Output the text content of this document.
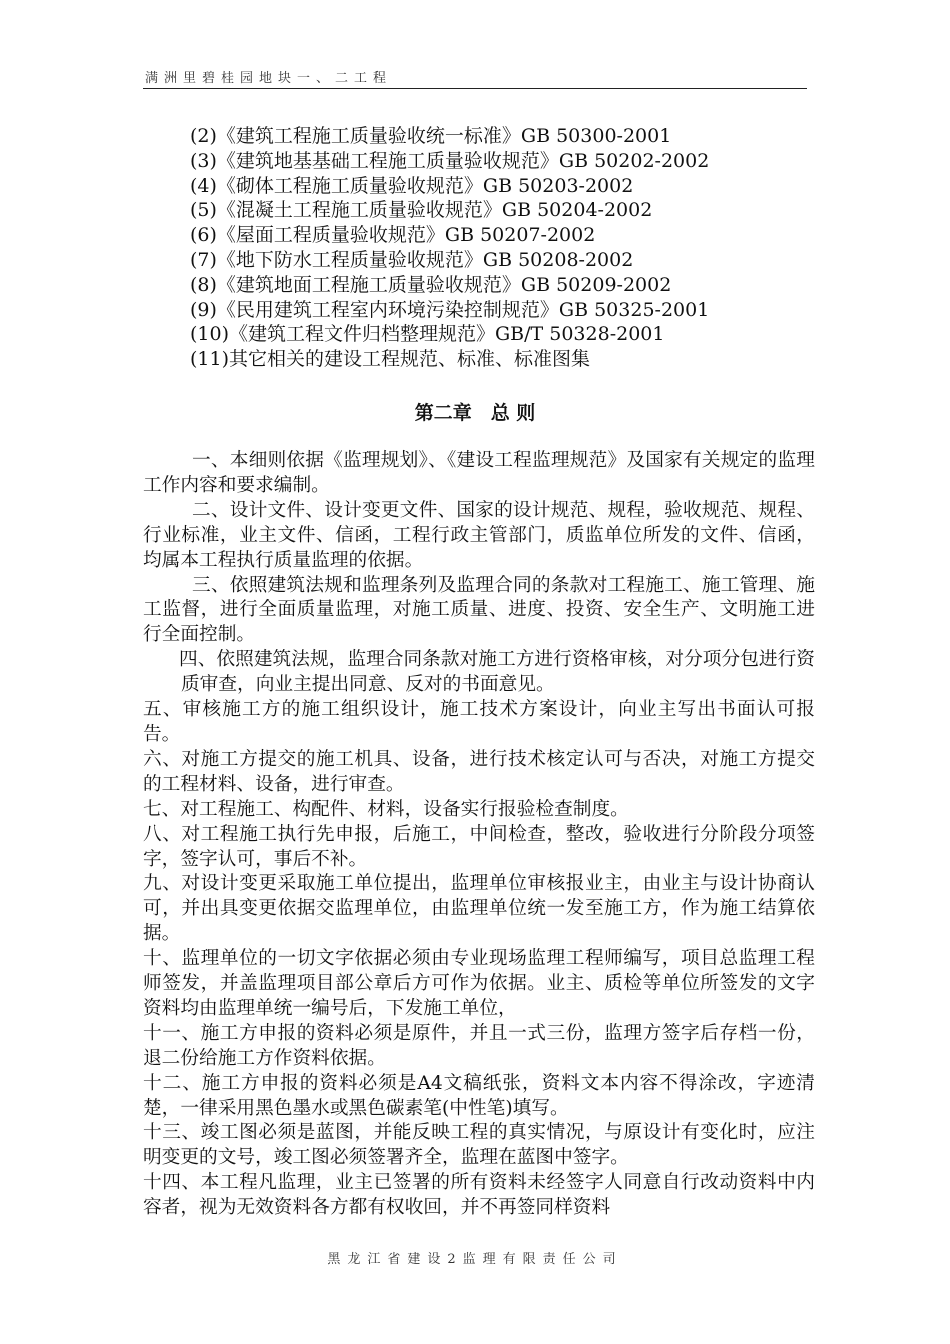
满洲里碧桂园地块一、二工程
(2)《建筑工程施工质量验收统一标准》GB 50300-2001
(3)《建筑地基基础工程施工质量验收规范》GB 50202-2002
(4)《砌体工程施工质量验收规范》GB 50203-2002
(5)《混凝土工程施工质量验收规范》GB 50204-2002
(6)《屋面工程质量验收规范》GB 50207-2002
(7)《地下防水工程质量验收规范》GB 50208-2002
(8)《建筑地面工程施工质量验收规范》GB 50209-2002
(9)《民用建筑工程室内环境污染控制规范》GB 50325-2001
(10)《建筑工程文件归档整理规范》GB/T 50328-2001
(11)其它相关的建设工程规范、标准、标准图集
第二章　总 则

一、本细则依据《监理规划》、《建设工程监理规范》及国家有关规定的监理工作内容和要求编制。

二、设计文件、设计变更文件、国家的设计规范、规程，验收规范、规程、行业标准，业主文件、信函，工程行政主管部门，质监单位所发的文件、信函，均属本工程执行质量监理的依据。

三、依照建筑法规和监理条列及监理合同的条款对工程施工、施工管理、施工监督，进行全面质量监理，对施工质量、进度、投资、安全生产、文明施工进行全面控制。

四、依照建筑法规，监理合同条款对施工方进行资格审核，对分项分包进行资质审查，向业主提出同意、反对的书面意见。

五、审核施工方的施工组织设计，施工技术方案设计，向业主写出书面认可报告。

六、对施工方提交的施工机具、设备，进行技术核定认可与否决，对施工方提交的工程材料、设备，进行审查。

七、对工程施工、构配件、材料，设备实行报验检查制度。

八、对工程施工执行先申报，后施工，中间检查，整改，验收进行分阶段分项签字，签字认可，事后不补。

九、对设计变更采取施工单位提出，监理单位审核报业主，由业主与设计协商认可，并出具变更依据交监理单位，由监理单位统一发至施工方，作为施工结算依据。

十、监理单位的一切文字依据必须由专业现场监理工程师编写，项目总监理工程师签发，并盖监理项目部公章后方可作为依据。业主、质检等单位所签发的文字资料均由监理单统一编号后，下发施工单位，

十一、施工方申报的资料必须是原件，并且一式三份，监理方签字后存档一份，退二份给施工方作资料依据。

十二、施工方申报的资料必须是A4文稿纸张，资料文本内容不得涂改，字迹清楚，一律采用黑色墨水或黑色碳素笔(中性笔)填写。

十三、竣工图必须是蓝图，并能反映工程的真实情况，与原设计有变化时，应注明变更的文号，竣工图必须签署齐全，监理在蓝图中签字。

十四、本工程凡监理，业主已签署的所有资料未经签字人同意自行改动资料中内容者，视为无效资料各方都有权收回，并不再签同样资料

黑龙江省建设2监理有限责任公司
